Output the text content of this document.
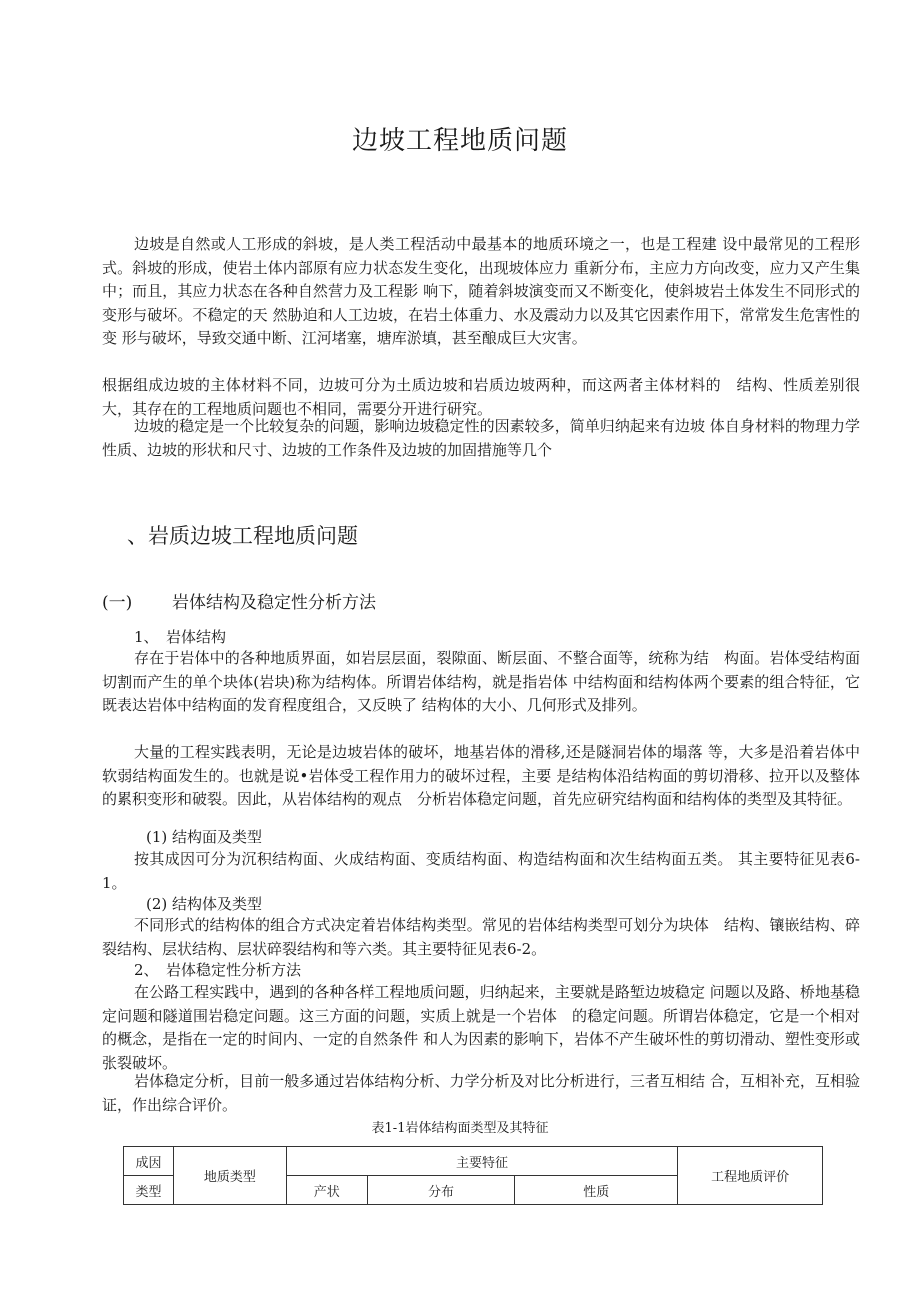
边坡工程地质问题

边坡是自然或人工形成的斜坡，是人类工程活动中最基本的地质环境之一，也是工程建 设中最常见的工程形式。斜坡的形成，使岩土体内部原有应力状态发生变化，出现坡体应力 重新分布，主应力方向改变，应力又产生集中；而且，其应力状态在各种自然营力及工程影 响下，随着斜坡演变而又不断变化，使斜坡岩土体发生不同形式的变形与破坏。不稳定的天 然胁迫和人工边坡，在岩土体重力、水及震动力以及其它因素作用下，常常发生危害性的变 形与破坏，导致交通中断、江河堵塞，塘库淤填，甚至酿成巨大灾害。

根据组成边坡的主体材料不同，边坡可分为土质边坡和岩质边坡两种，而这两者主体材料的　结构、性质差别很大，其存在的工程地质问题也不相同，需要分开进行研究。

边坡的稳定是一个比较复杂的问题，影响边坡稳定性的因素较多，简单归纳起来有边坡 体自身材料的物理力学性质、边坡的形状和尺寸、边坡的工作条件及边坡的加固措施等几个

、岩质边坡工程地质问题
(一) 岩体结构及稳定性分析方法
1、　岩体结构

存在于岩体中的各种地质界面，如岩层层面，裂隙面、断层面、不整合面等，统称为结　构面。岩体受结构面切割而产生的单个块体(岩块)称为结构体。所谓岩体结构，就是指岩体 中结构面和结构体两个要素的组合特征，它既表达岩体中结构面的发育程度组合，又反映了 结构体的大小、几何形式及排列。

大量的工程实践表明，无论是边坡岩体的破坏，地基岩体的滑移,还是隧洞岩体的塌落 等，大多是沿着岩体中软弱结构面发生的。也就是说•岩体受工程作用力的破坏过程，主要 是结构体沿结构面的剪切滑移、拉开以及整体的累积变形和破裂。因此，从岩体结构的观点　分析岩体稳定问题，首先应研究结构面和结构体的类型及其特征。

(1) 结构面及类型

按其成因可分为沉积结构面、火成结构面、变质结构面、构造结构面和次生结构面五类。 其主要特征见表6-1。

(2) 结构体及类型

不同形式的结构体的组合方式决定着岩体结构类型。常见的岩体结构类型可划分为块体　结构、镶嵌结构、碎裂结构、层状结构、层状碎裂结构和等六类。其主要特征见表6-2。

2、　岩体稳定性分析方法

在公路工程实践中，遇到的各种各样工程地质问题，归纳起来，主要就是路堑边坡稳定 问题以及路、桥地基稳定问题和隧道围岩稳定问题。这三方面的问题，实质上就是一个岩体　的稳定问题。所谓岩体稳定，它是一个相对的概念，是指在一定的时间内、一定的自然条件 和人为因素的影响下，岩体不产生破坏性的剪切滑动、塑性变形或张裂破坏。

岩体稳定分析，目前一般多通过岩体结构分析、力学分析及对比分析进行，三者互相结 合，互相补充，互相验证，作出综合评价。

表1-1岩体结构面类型及其特征
成因	地质类型	主要特征			工程地质评价
类型		产状	分布	性质	
